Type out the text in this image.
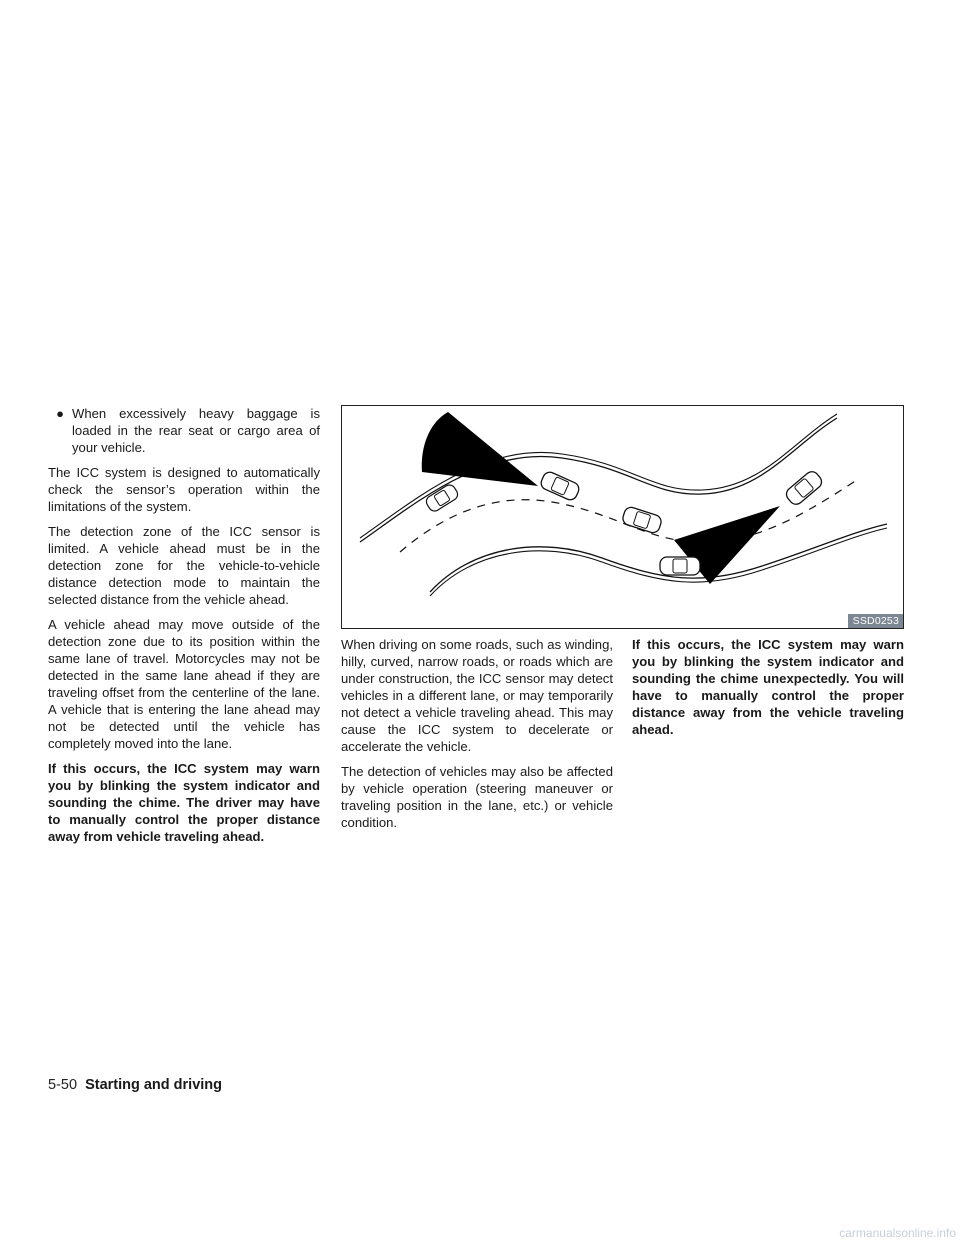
● When excessively heavy baggage is loaded in the rear seat or cargo area of your vehicle.

The ICC system is designed to automatically check the sensor’s operation within the limitations of the system.

The detection zone of the ICC sensor is limited. A vehicle ahead must be in the detection zone for the vehicle-to-vehicle distance detection mode to maintain the selected distance from the vehicle ahead.

A vehicle ahead may move outside of the detection zone due to its position within the same lane of travel. Motorcycles may not be detected in the same lane ahead if they are traveling offset from the centerline of the lane. A vehicle that is entering the lane ahead may not be detected until the vehicle has completely moved into the lane.

If this occurs, the ICC system may warn you by blinking the system indicator and sounding the chime. The driver may have to manually control the proper distance away from vehicle traveling ahead.

SSD0253

When driving on some roads, such as winding, hilly, curved, narrow roads, or roads which are under construction, the ICC sensor may detect vehicles in a different lane, or may temporarily not detect a vehicle traveling ahead. This may cause the ICC system to decelerate or accelerate the vehicle.

The detection of vehicles may also be affected by vehicle operation (steering maneuver or traveling position in the lane, etc.) or vehicle condition.

If this occurs, the ICC system may warn you by blinking the system indicator and sounding the chime unexpectedly. You will have to manually control the proper distance away from the vehicle traveling ahead.

5-50 Starting and driving
carmanualsonline.info
